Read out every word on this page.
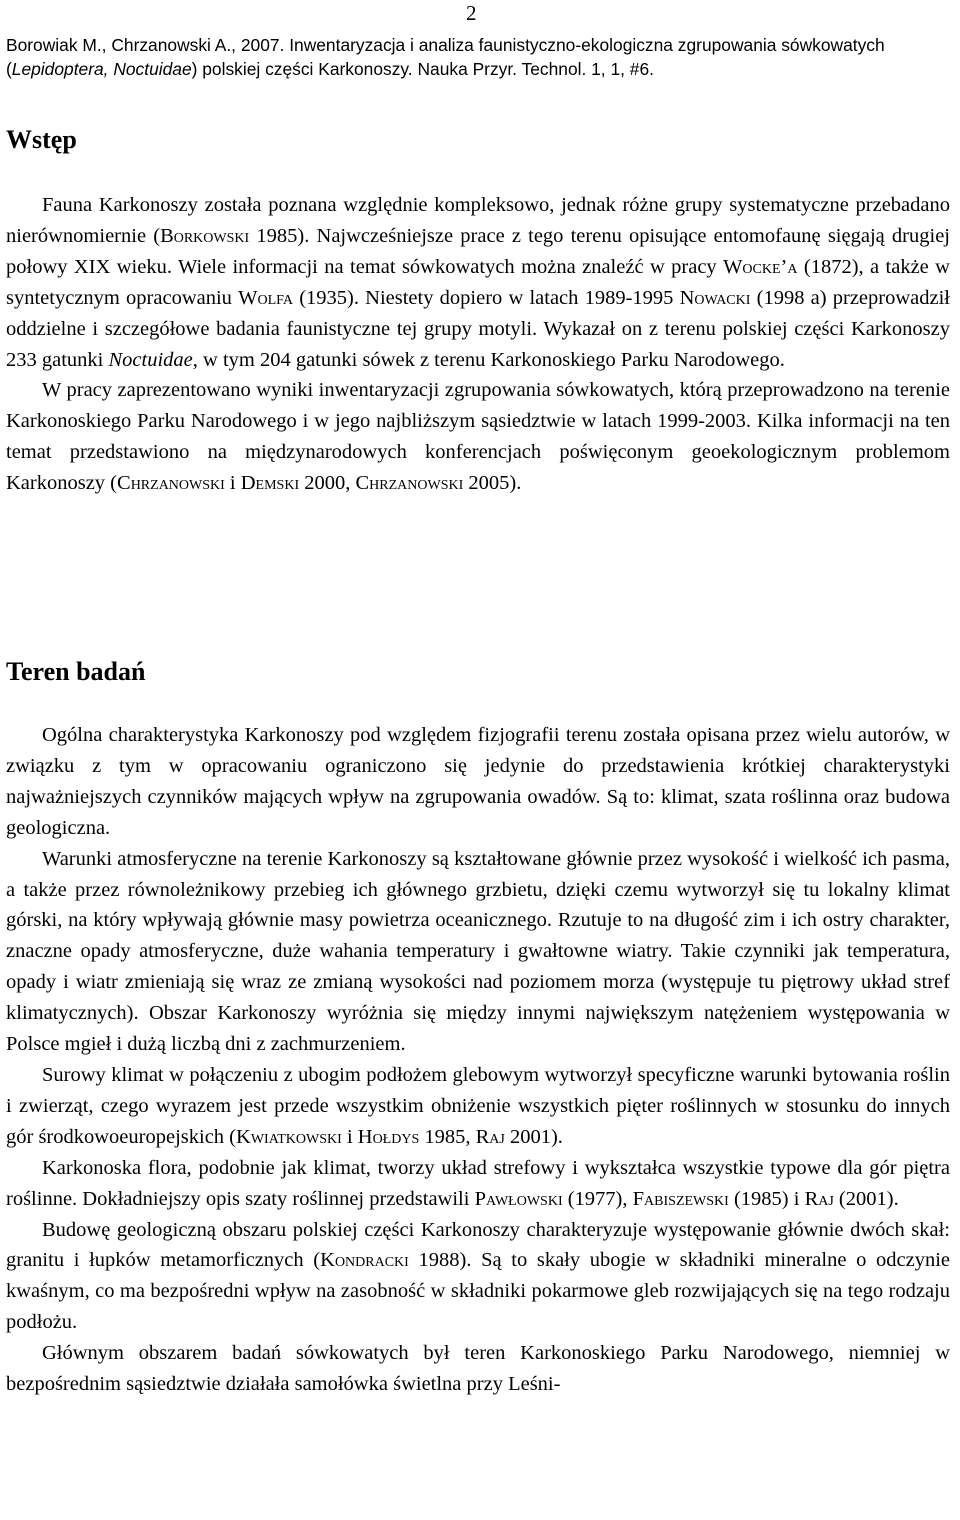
2
Borowiak M., Chrzanowski A., 2007. Inwentaryzacja i analiza faunistyczno-ekologiczna zgrupowania sówkowatych
(Lepidoptera, Noctuidae) polskiej części Karkonoszy. Nauka Przyr. Technol. 1, 1, #6.
Wstęp

Fauna Karkonoszy została poznana względnie kompleksowo, jednak różne grupy systematyczne przebadano nierównomiernie (Borkowski 1985). Najwcześniejsze prace z tego terenu opisujące entomofaunę sięgają drugiej połowy XIX wieku. Wiele informacji na temat sówkowatych można znaleźć w pracy Wocke’a (1872), a także w syntetycznym opracowaniu Wolfa (1935). Niestety dopiero w latach 1989-1995 Nowacki (1998 a) przeprowadził oddzielne i szczegółowe badania faunistyczne tej grupy motyli. Wykazał on z terenu polskiej części Karkonoszy 233 gatunki Noctuidae, w tym 204 gatunki sówek z terenu Karkonoskiego Parku Narodowego.

W pracy zaprezentowano wyniki inwentaryzacji zgrupowania sówkowatych, którą przeprowadzono na terenie Karkonoskiego Parku Narodowego i w jego najbliższym sąsiedztwie w latach 1999-2003. Kilka informacji na ten temat przedstawiono na międzynarodowych konferencjach poświęconym geoekologicznym problemom Karkonoszy (Chrzanowski i Demski 2000, Chrzanowski 2005).

Teren badań

Ogólna charakterystyka Karkonoszy pod względem fizjografii terenu została opisana przez wielu autorów, w związku z tym w opracowaniu ograniczono się jedynie do przedstawienia krótkiej charakterystyki najważniejszych czynników mających wpływ na zgrupowania owadów. Są to: klimat, szata roślinna oraz budowa geologiczna.

Warunki atmosferyczne na terenie Karkonoszy są kształtowane głównie przez wysokość i wielkość ich pasma, a także przez równoleżnikowy przebieg ich głównego grzbietu, dzięki czemu wytworzył się tu lokalny klimat górski, na który wpływają głównie masy powietrza oceanicznego. Rzutuje to na długość zim i ich ostry charakter, znaczne opady atmosferyczne, duże wahania temperatury i gwałtowne wiatry. Takie czynniki jak temperatura, opady i wiatr zmieniają się wraz ze zmianą wysokości nad poziomem morza (występuje tu piętrowy układ stref klimatycznych). Obszar Karkonoszy wyróżnia się między innymi największym natężeniem występowania w Polsce mgieł i dużą liczbą dni z zachmurzeniem.

Surowy klimat w połączeniu z ubogim podłożem glebowym wytworzył specyficzne warunki bytowania roślin i zwierząt, czego wyrazem jest przede wszystkim obniżenie wszystkich pięter roślinnych w stosunku do innych gór środkowoeuropejskich (Kwiatkowski i Hołdys 1985, Raj 2001).

Karkonoska flora, podobnie jak klimat, tworzy układ strefowy i wykształca wszystkie typowe dla gór piętra roślinne. Dokładniejszy opis szaty roślinnej przedstawili Pawłowski (1977), Fabiszewski (1985) i Raj (2001).

Budowę geologiczną obszaru polskiej części Karkonoszy charakteryzuje występowanie głównie dwóch skał: granitu i łupków metamorficznych (Kondracki 1988). Są to skały ubogie w składniki mineralne o odczynie kwaśnym, co ma bezpośredni wpływ na zasobność w składniki pokarmowe gleb rozwijających się na tego rodzaju podłożu.

Głównym obszarem badań sówkowatych był teren Karkonoskiego Parku Narodowego, niemniej w bezpośrednim sąsiedztwie działała samołówka świetlna przy Leśni-
